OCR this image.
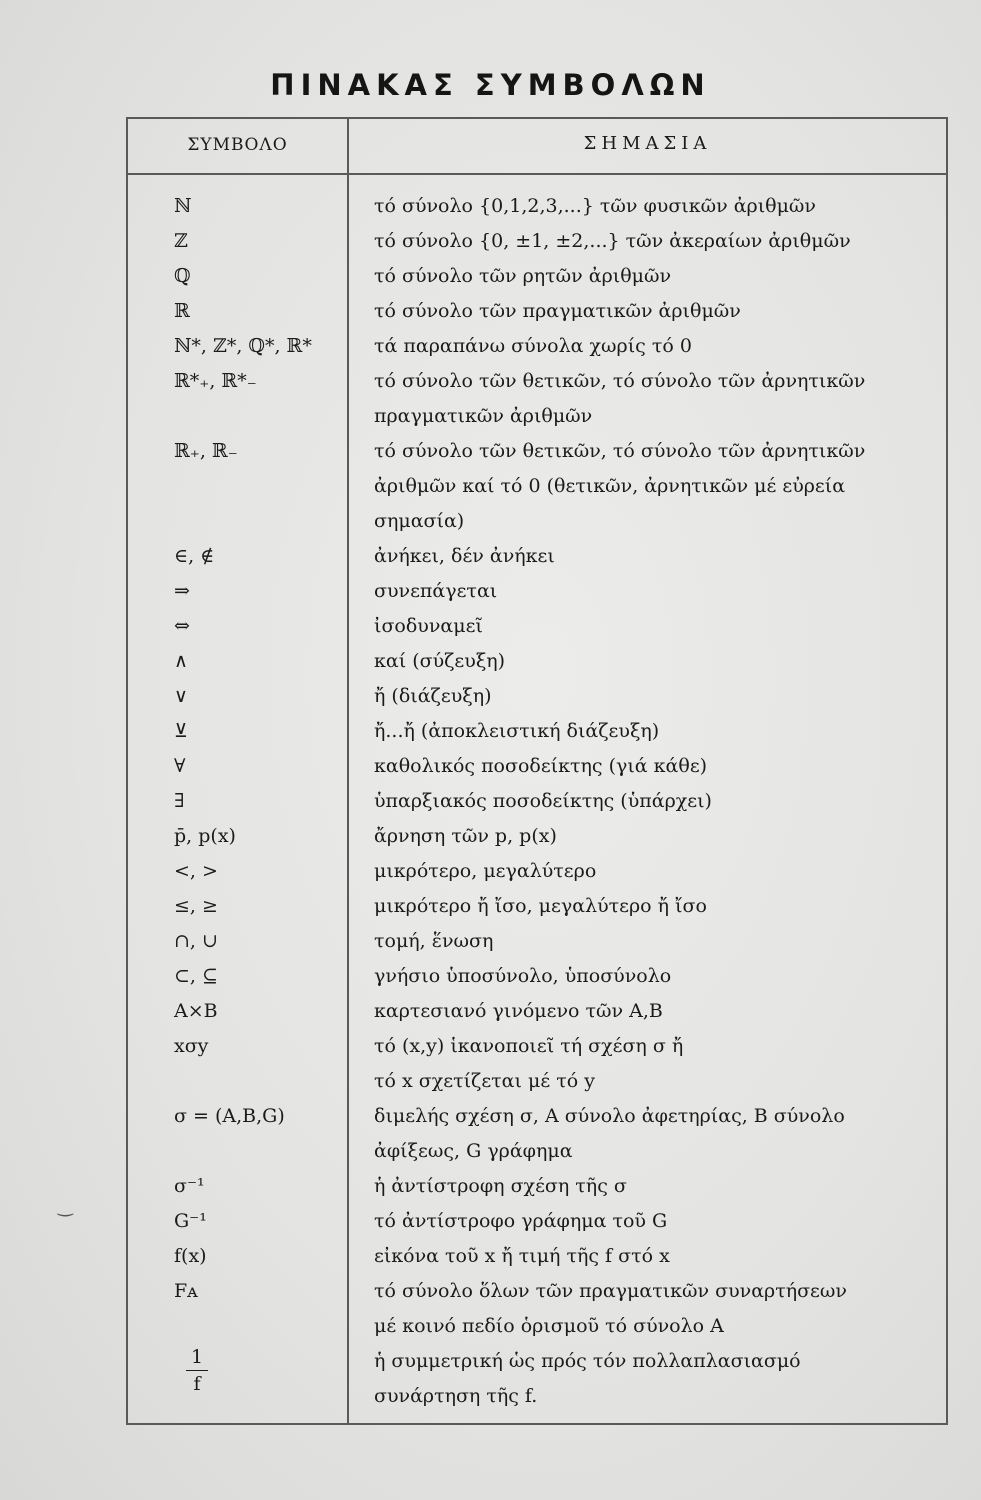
ΠΙΝΑΚΑΣ ΣΥΜΒΟΛΩΝ
ΣΥΜΒΟΛΟ	ΣΗΜΑΣΙΑ
ℕ	τό σύνολο {0,1,2,3,...} τῶν φυσικῶν ἀριθμῶν
ℤ	τό σύνολο {0, ±1, ±2,...} τῶν ἀκεραίων ἀριθμῶν
ℚ	τό σύνολο τῶν ρητῶν ἀριθμῶν
ℝ	τό σύνολο τῶν πραγματικῶν ἀριθμῶν
ℕ*, ℤ*, ℚ*, ℝ*	τά παραπάνω σύνολα χωρίς τό 0
ℝ*₊, ℝ*₋	τό σύνολο τῶν θετικῶν, τό σύνολο τῶν ἀρνητικῶν
πραγματικῶν ἀριθμῶν
ℝ₊, ℝ₋	τό σύνολο τῶν θετικῶν, τό σύνολο τῶν ἀρνητικῶν
ἀριθμῶν καί τό 0 (θετικῶν, ἀρνητικῶν μέ εὐρεία
σημασία)
∈, ∉	ἀνήκει, δέν ἀνήκει
⇒	συνεπάγεται
⇔	ἰσοδυναμεῖ
∧	καί (σύζευξη)
∨	ἤ (διάζευξη)
⊻	ἤ...ἤ (ἀποκλειστική διάζευξη)
∀	καθολικός ποσοδείκτης (γιά κάθε)
∃	ὑπαρξιακός ποσοδείκτης (ὑπάρχει)
p̄, p(x)	ἄρνηση τῶν p, p(x)
<, >	μικρότερο, μεγαλύτερο
≤, ≥	μικρότερο ἤ ἴσο, μεγαλύτερο ἤ ἴσο
∩, ∪	τομή, ἕνωση
⊂, ⊆	γνήσιο ὑποσύνολο, ὑποσύνολο
A×B	καρτεσιανό γινόμενο τῶν A,B
xσy	τό (x,y) ἱκανοποιεῖ τή σχέση σ ἤ
τό x σχετίζεται μέ τό y
σ = (A,B,G)	διμελής σχέση σ, A σύνολο ἀφετηρίας, B σύνολο
ἀφίξεως, G γράφημα
σ⁻¹	ἡ ἀντίστροφη σχέση τῆς σ
G⁻¹	τό ἀντίστροφο γράφημα τοῦ G
f(x)	εἰκόνα τοῦ x ἤ τιμή τῆς f στό x
Fᴀ	τό σύνολο ὅλων τῶν πραγματικῶν συναρτήσεων
μέ κοινό πεδίο ὁρισμοῦ τό σύνολο A
$\frac{1}{f}$	ἡ συμμετρική ὡς πρός τόν πολλαπλασιασμό
συνάρτηση τῆς f.
‿
